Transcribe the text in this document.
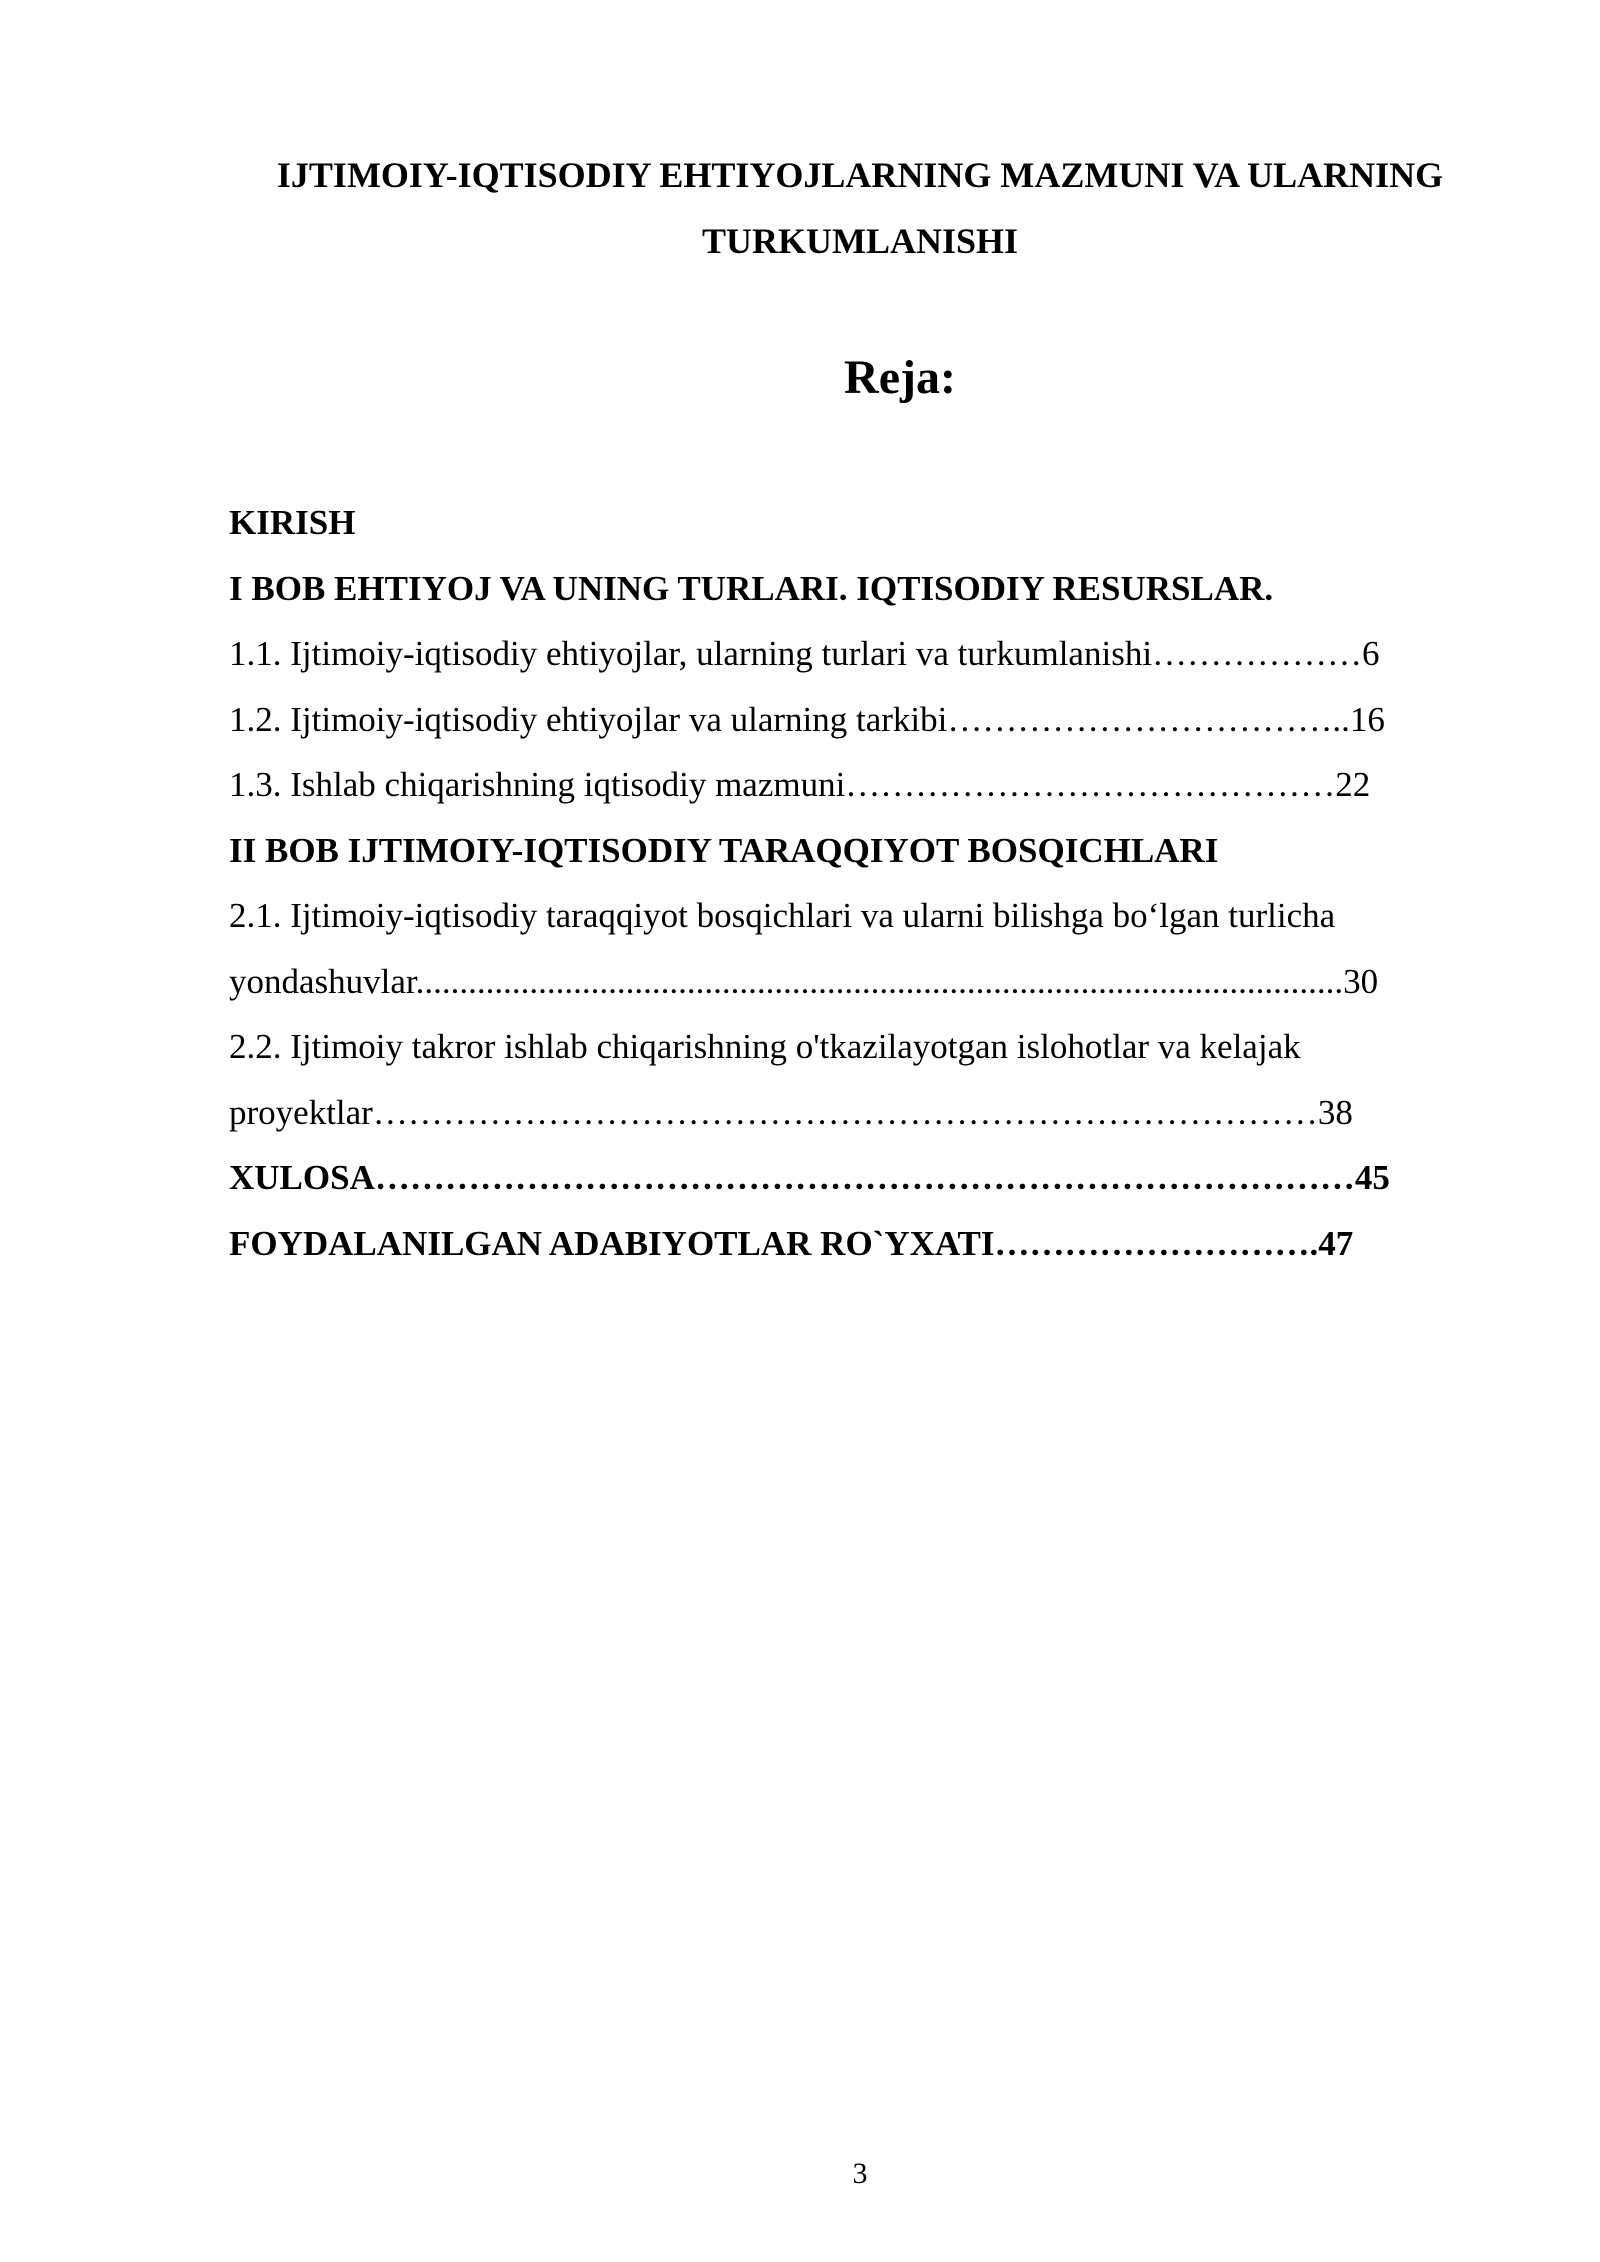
IJTIMOIY-IQTISODIY EHTIYOJLARNING MAZMUNI VA ULARNING
TURKUMLANISHI
Reja:

KIRISH

I BOB EHTIYOJ VA UNING TURLARI. IQTISODIY RESURSLAR.

1.1. Ijtimoiy-iqtisodiy ehtiyojlar, ularning turlari va turkumlanishi………………6

1.2. Ijtimoiy-iqtisodiy ehtiyojlar va ularning tarkibi……………………………..16

1.3. Ishlab chiqarishning iqtisodiy mazmuni……………………………………22

II BOB IJTIMOIY-IQTISODIY TARAQQIYOT BOSQICHLARI

2.1. Ijtimoiy-iqtisodiy taraqqiyot bosqichlari va ularni bilishga bo‘lgan turlicha

yondashuvlar..........................................................................................................30

2.2. Ijtimoiy takror ishlab chiqarishning o'tkazilayotgan islohotlar va kelajak

proyektlar………………………………………………………………………38

XULOSA…………………………………………………………………………45

FOYDALANILGAN ADABIYOTLAR RO`YXATI……………………….47

3
